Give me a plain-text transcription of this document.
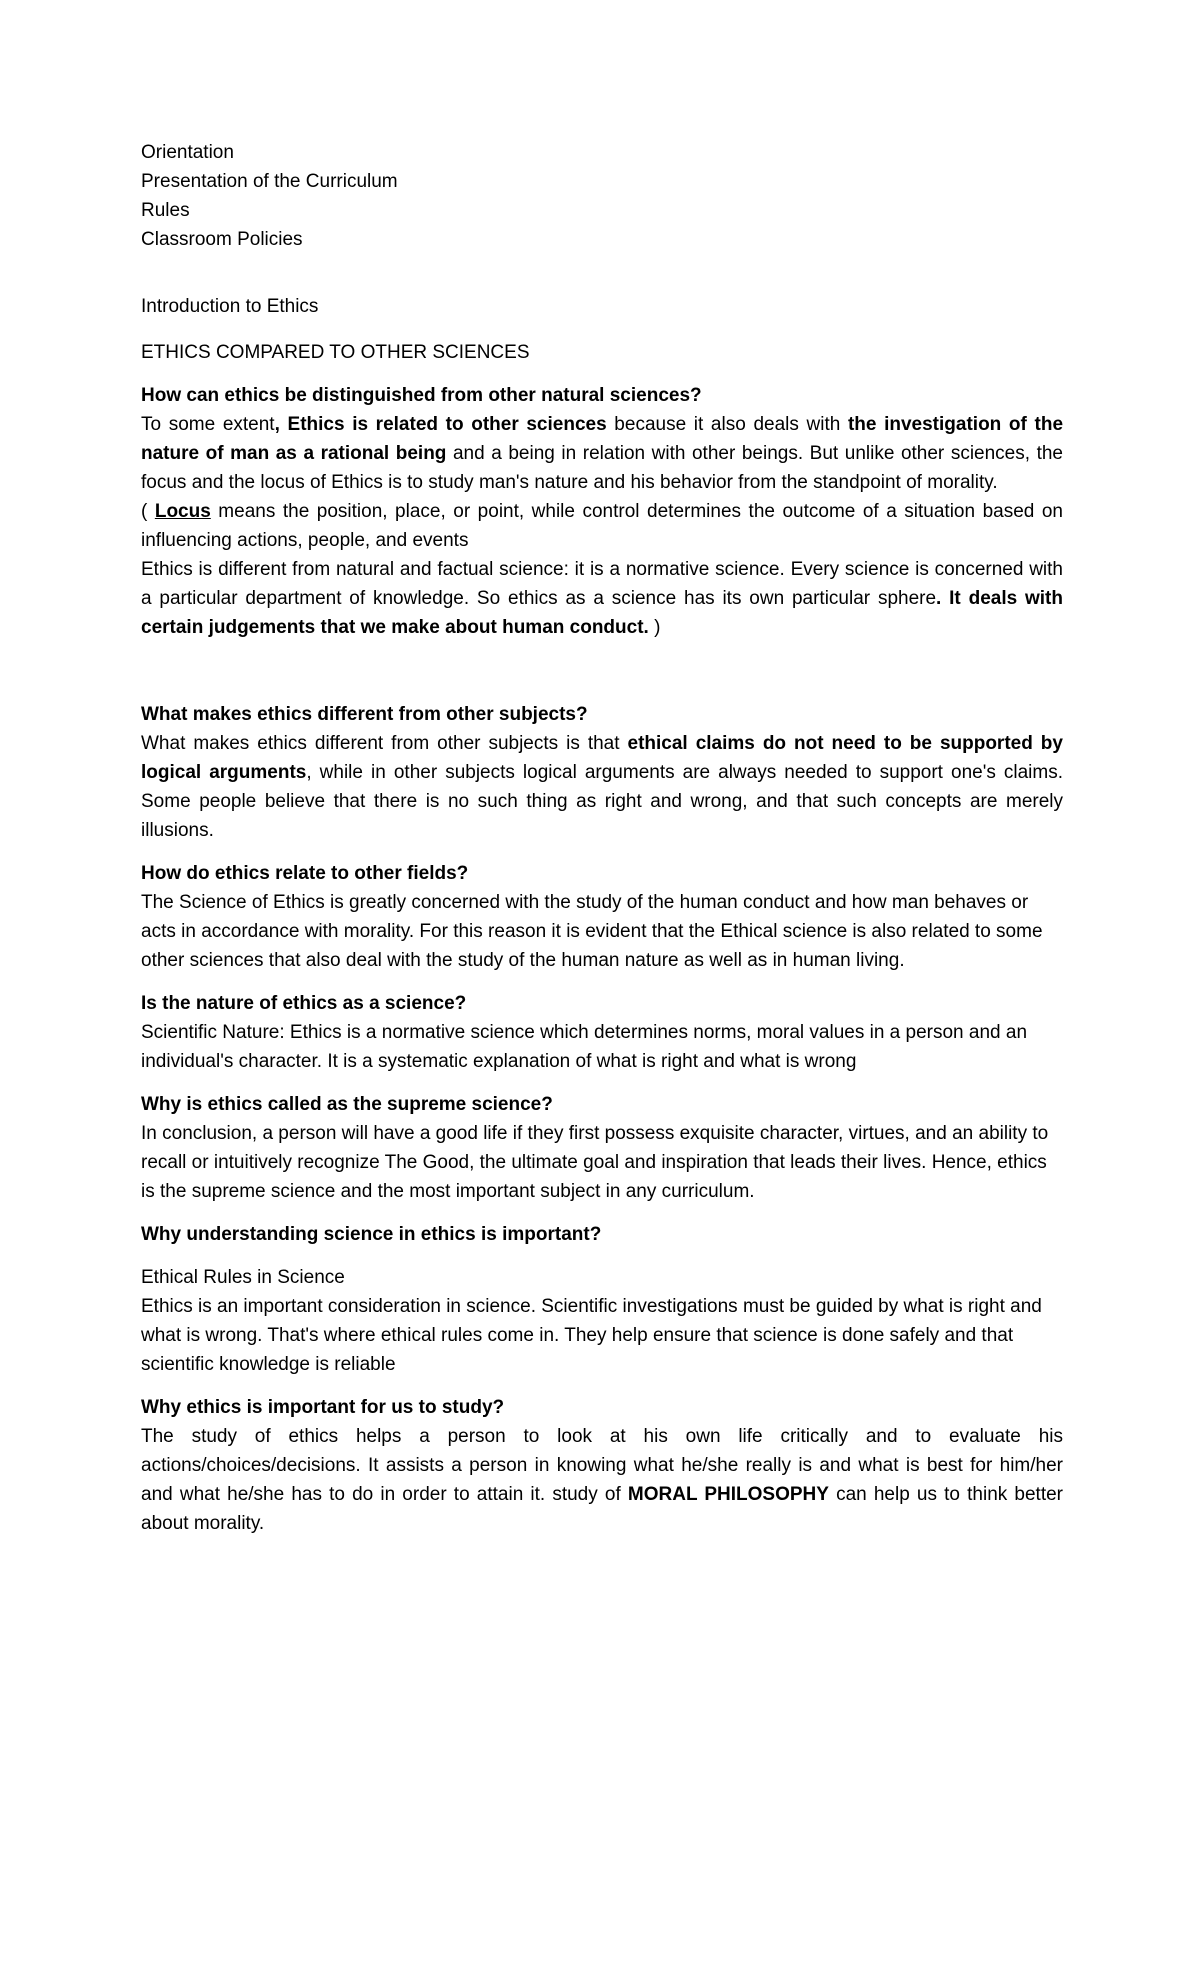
Orientation

Presentation of the Curriculum

Rules

Classroom Policies

Introduction to Ethics

ETHICS COMPARED TO OTHER SCIENCES

How can ethics be distinguished from other natural sciences?

To some extent, Ethics is related to other sciences because it also deals with the investigation of the nature of man as a rational being and a being in relation with other beings. But unlike other sciences, the focus and the locus of Ethics is to study man's nature and his behavior from the standpoint of morality.

( Locus means the position, place, or point, while control determines the outcome of a situation based on influencing actions, people, and events

Ethics is different from natural and factual science: it is a normative science. Every science is concerned with a particular department of knowledge. So ethics as a science has its own particular sphere. It deals with certain judgements that we make about human conduct. )

What makes ethics different from other subjects?

What makes ethics different from other subjects is that ethical claims do not need to be supported by logical arguments, while in other subjects logical arguments are always needed to support one's claims. Some people believe that there is no such thing as right and wrong, and that such concepts are merely illusions.

How do ethics relate to other fields?

The Science of Ethics is greatly concerned with the study of the human conduct and how man behaves or acts in accordance with morality. For this reason it is evident that the Ethical science is also related to some other sciences that also deal with the study of the human nature as well as in human living.

Is the nature of ethics as a science?

Scientific Nature: Ethics is a normative science which determines norms, moral values in a person and an individual's character. It is a systematic explanation of what is right and what is wrong

Why is ethics called as the supreme science?

In conclusion, a person will have a good life if they first possess exquisite character, virtues, and an ability to recall or intuitively recognize The Good, the ultimate goal and inspiration that leads their lives. Hence, ethics is the supreme science and the most important subject in any curriculum.

Why understanding science in ethics is important?

Ethical Rules in Science

Ethics is an important consideration in science. Scientific investigations must be guided by what is right and what is wrong. That's where ethical rules come in. They help ensure that science is done safely and that scientific knowledge is reliable

Why ethics is important for us to study?

The study of ethics helps a person to look at his own life critically and to evaluate his actions/choices/decisions. It assists a person in knowing what he/she really is and what is best for him/her and what he/she has to do in order to attain it. study of MORAL PHILOSOPHY can help us to think better about morality.
